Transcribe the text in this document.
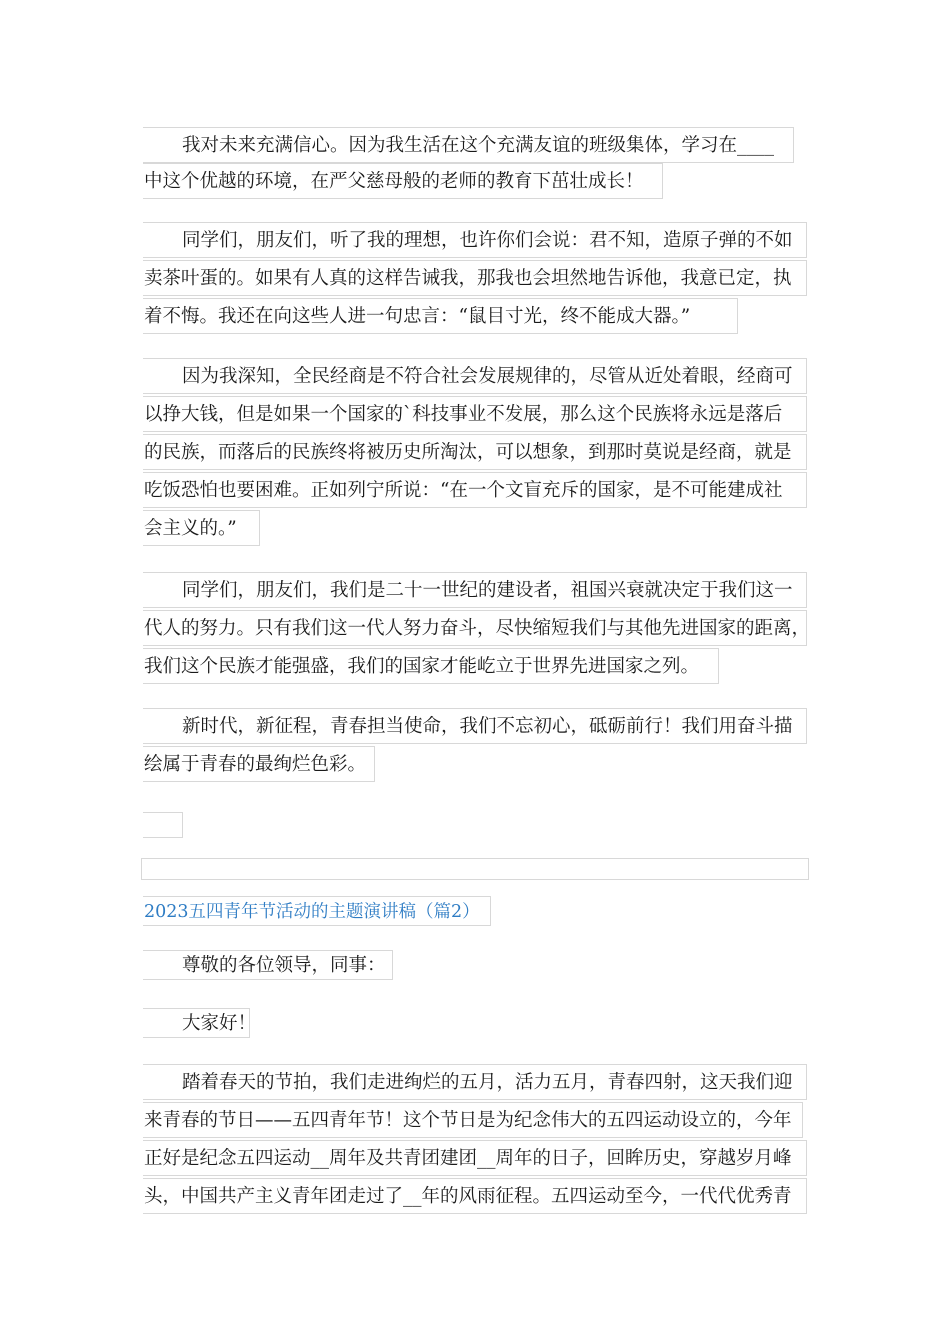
我对未来充满信心。因为我生活在这个充满友谊的班级集体，学习在____
中这个优越的环境，在严父慈母般的老师的教育下茁壮成长！
同学们，朋友们，听了我的理想，也许你们会说：君不知，造原子弹的不如
卖茶叶蛋的。如果有人真的这样告诫我，那我也会坦然地告诉他，我意已定，执
着不悔。我还在向这些人进一句忠言：“鼠目寸光，终不能成大器。”
因为我深知，全民经商是不符合社会发展规律的，尽管从近处着眼，经商可
以挣大钱，但是如果一个国家的`科技事业不发展，那么这个民族将永远是落后
的民族，而落后的民族终将被历史所淘汰，可以想象，到那时莫说是经商，就是
吃饭恐怕也要困难。正如列宁所说：“在一个文盲充斥的国家，是不可能建成社
会主义的。”
同学们，朋友们，我们是二十一世纪的建设者，祖国兴衰就决定于我们这一
代人的努力。只有我们这一代人努力奋斗，尽快缩短我们与其他先进国家的距离，
我们这个民族才能强盛，我们的国家才能屹立于世界先进国家之列。
新时代，新征程，青春担当使命，我们不忘初心，砥砺前行！我们用奋斗描
绘属于青春的最绚烂色彩。
2023五四青年节活动的主题演讲稿（篇2）
尊敬的各位领导，同事：
大家好！
踏着春天的节拍，我们走进绚烂的五月，活力五月，青春四射，这天我们迎
来青春的节日——五四青年节！这个节日是为纪念伟大的五四运动设立的，今年
正好是纪念五四运动__周年及共青团建团__周年的日子，回眸历史，穿越岁月峰
头，中国共产主义青年团走过了__年的风雨征程。五四运动至今，一代代优秀青
